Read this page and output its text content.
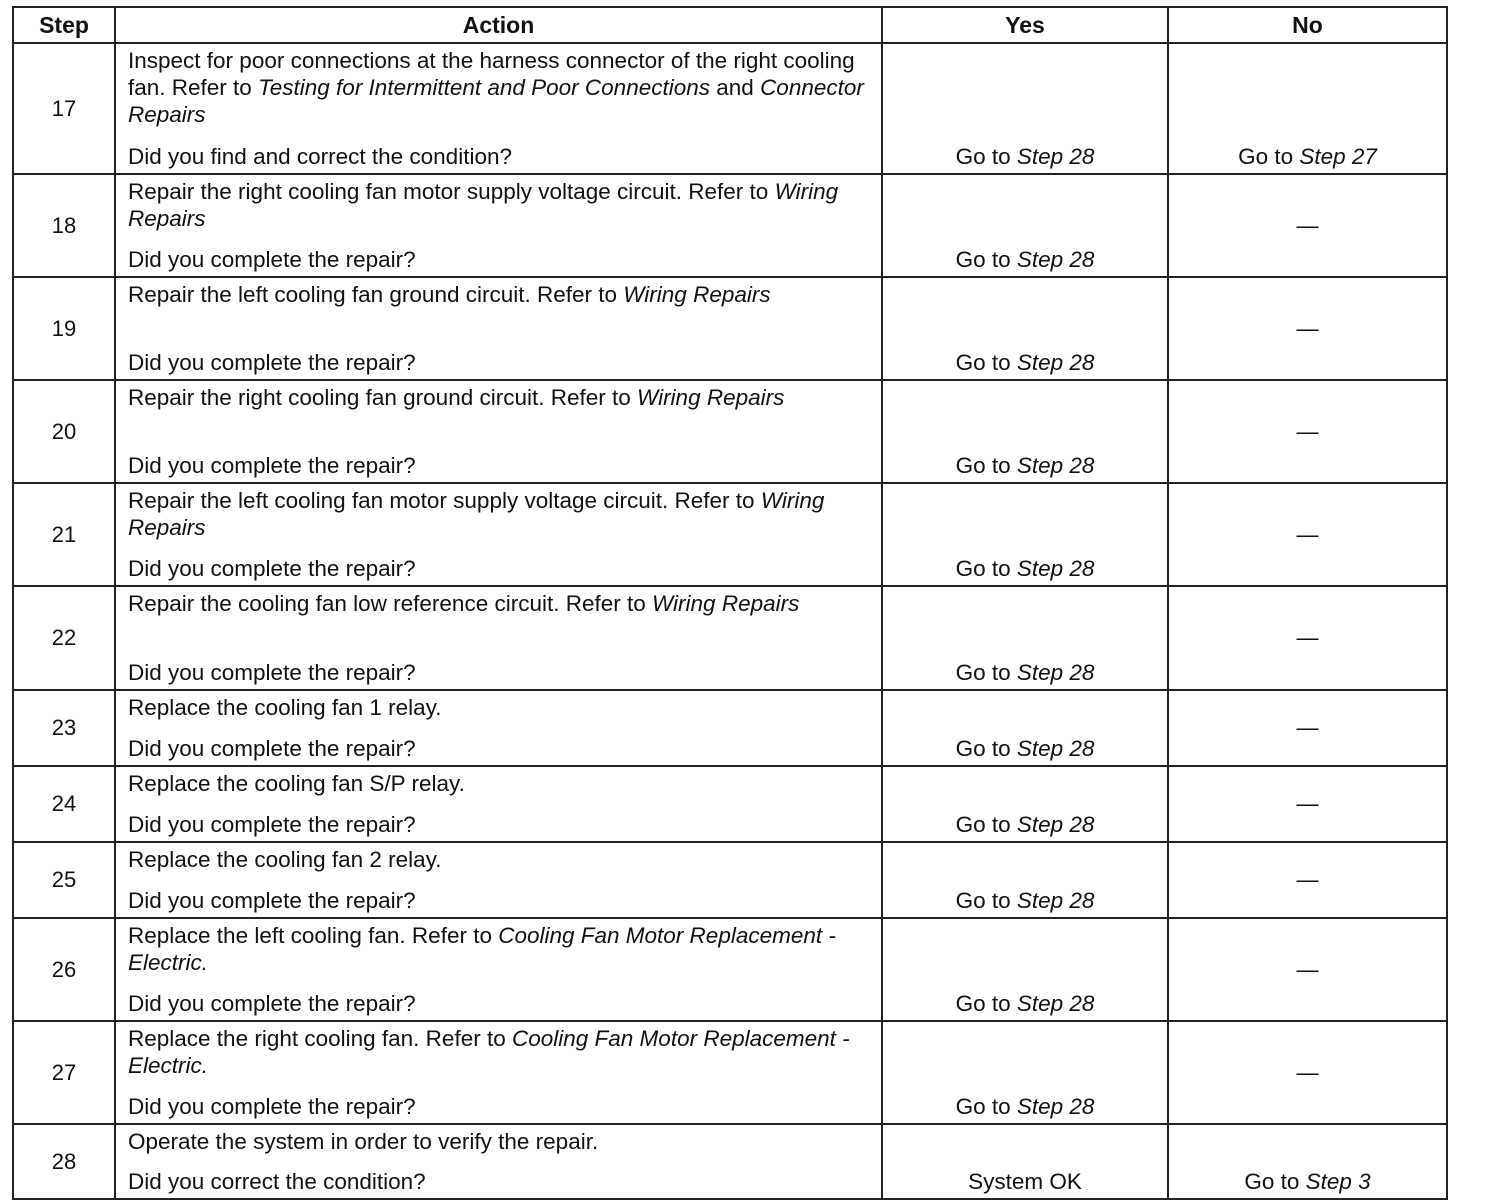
Step	Action	Yes	No
17	Inspect for poor connections at the harness connector of the right cooling fan. Refer to Testing for Intermittent and Poor Connections and Connector Repairs
Did you find and correct the condition?	Go to Step 28	Go to Step 27
18	Repair the right cooling fan motor supply voltage circuit. Refer to Wiring Repairs
Did you complete the repair?	Go to Step 28	—
19	Repair the left cooling fan ground circuit. Refer to Wiring Repairs
Did you complete the repair?	Go to Step 28	—
20	Repair the right cooling fan ground circuit. Refer to Wiring Repairs
Did you complete the repair?	Go to Step 28	—
21	Repair the left cooling fan motor supply voltage circuit. Refer to Wiring Repairs
Did you complete the repair?	Go to Step 28	—
22	Repair the cooling fan low reference circuit. Refer to Wiring Repairs
Did you complete the repair?	Go to Step 28	—
23	Replace the cooling fan 1 relay.
Did you complete the repair?	Go to Step 28	—
24	Replace the cooling fan S/P relay.
Did you complete the repair?	Go to Step 28	—
25	Replace the cooling fan 2 relay.
Did you complete the repair?	Go to Step 28	—
26	Replace the left cooling fan. Refer to Cooling Fan Motor Replacement - Electric.
Did you complete the repair?	Go to Step 28	—
27	Replace the right cooling fan. Refer to Cooling Fan Motor Replacement - Electric.
Did you complete the repair?	Go to Step 28	—
28	Operate the system in order to verify the repair.
Did you correct the condition?	System OK	Go to Step 3
